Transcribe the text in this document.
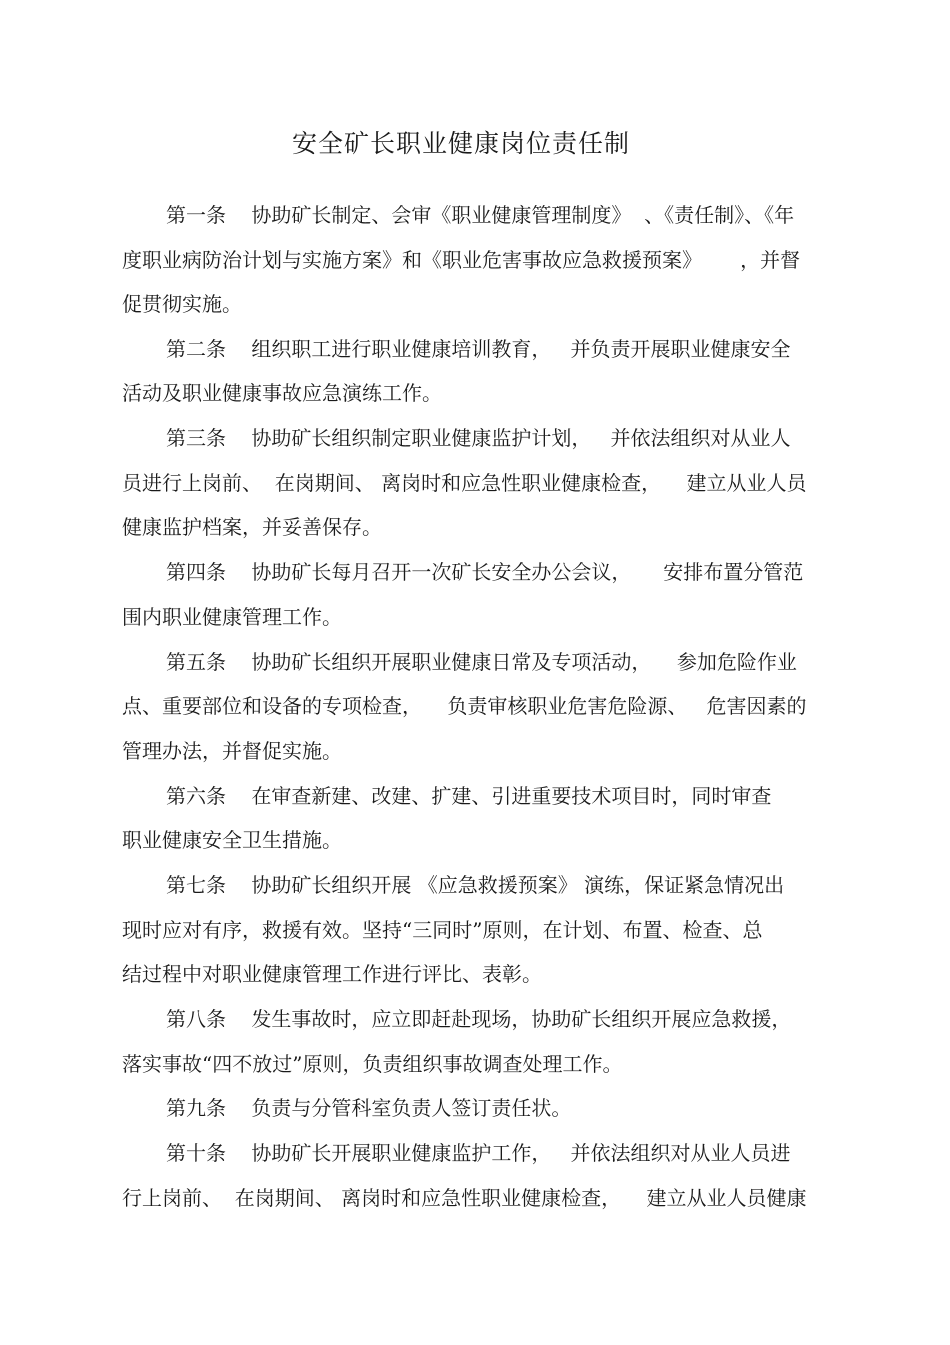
安全矿长职业健康岗位责任制
第一条    协助矿长制定、会审《职业健康管理制度》  、《责任制》、《年
度职业病防治计划与实施方案》和《职业危害事故应急救援预案》      ，并督
促贯彻实施。
第二条    组织职工进行职业健康培训教育，   并负责开展职业健康安全
活动及职业健康事故应急演练工作。
第三条    协助矿长组织制定职业健康监护计划，   并依法组织对从业人
员进行上岗前、  在岗期间、 离岗时和应急性职业健康检查，    建立从业人员
健康监护档案，并妥善保存。
第四条    协助矿长每月召开一次矿长安全办公会议，     安排布置分管范
围内职业健康管理工作。
第五条    协助矿长组织开展职业健康日常及专项活动，    参加危险作业
点、重要部位和设备的专项检查，    负责审核职业危害危险源、   危害因素的
管理办法，并督促实施。
第六条    在审查新建、改建、扩建、引进重要技术项目时，同时审查
职业健康安全卫生措施。
第七条    协助矿长组织开展 《应急救援预案》 演练，保证紧急情况出
现时应对有序，救援有效。坚持“三同时”原则，在计划、布置、检查、总
结过程中对职业健康管理工作进行评比、表彰。
第八条    发生事故时，应立即赶赴现场，协助矿长组织开展应急救援，
落实事故“四不放过”原则，负责组织事故调查处理工作。
第九条    负责与分管科室负责人签订责任状。
第十条    协助矿长开展职业健康监护工作，   并依法组织对从业人员进
行上岗前、  在岗期间、 离岗时和应急性职业健康检查，    建立从业人员健康
